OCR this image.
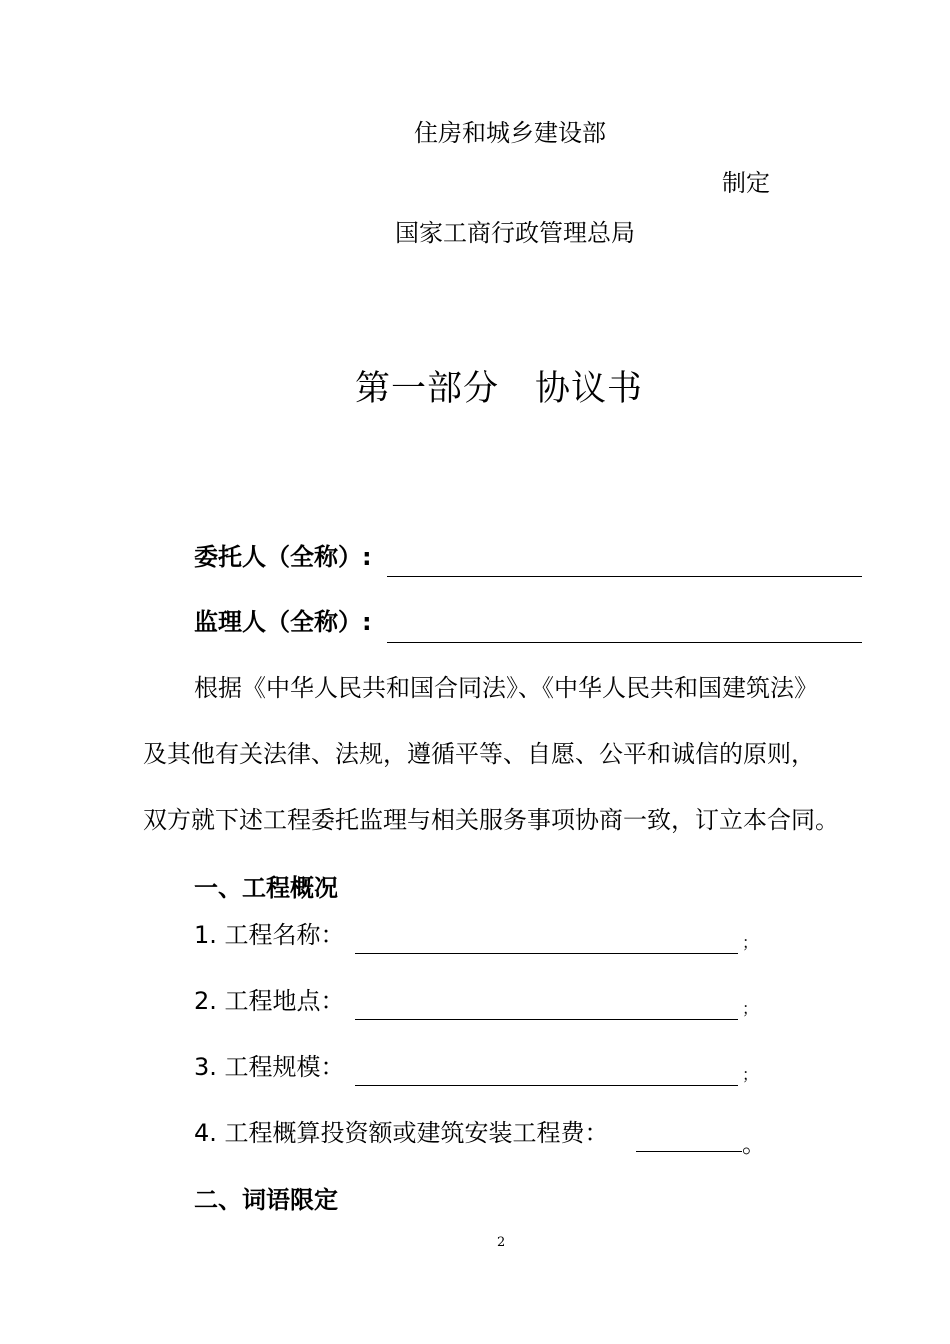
住房和城乡建设部
制定
国家工商行政管理总局
第一部分　协议书
委托人（全称）:
监理人（全称）:
根据《中华人民共和国合同法》、《中华人民共和国建筑法》
及其他有关法律、法规，遵循平等、自愿、公平和诚信的原则，
双方就下述工程委托监理与相关服务事项协商一致，订立本合同。
一、工程概况
1. 工程名称：	；
2. 工程地点：	；
3. 工程规模：	；
4. 工程概算投资额或建筑安装工程费：	。
二、词语限定
2
